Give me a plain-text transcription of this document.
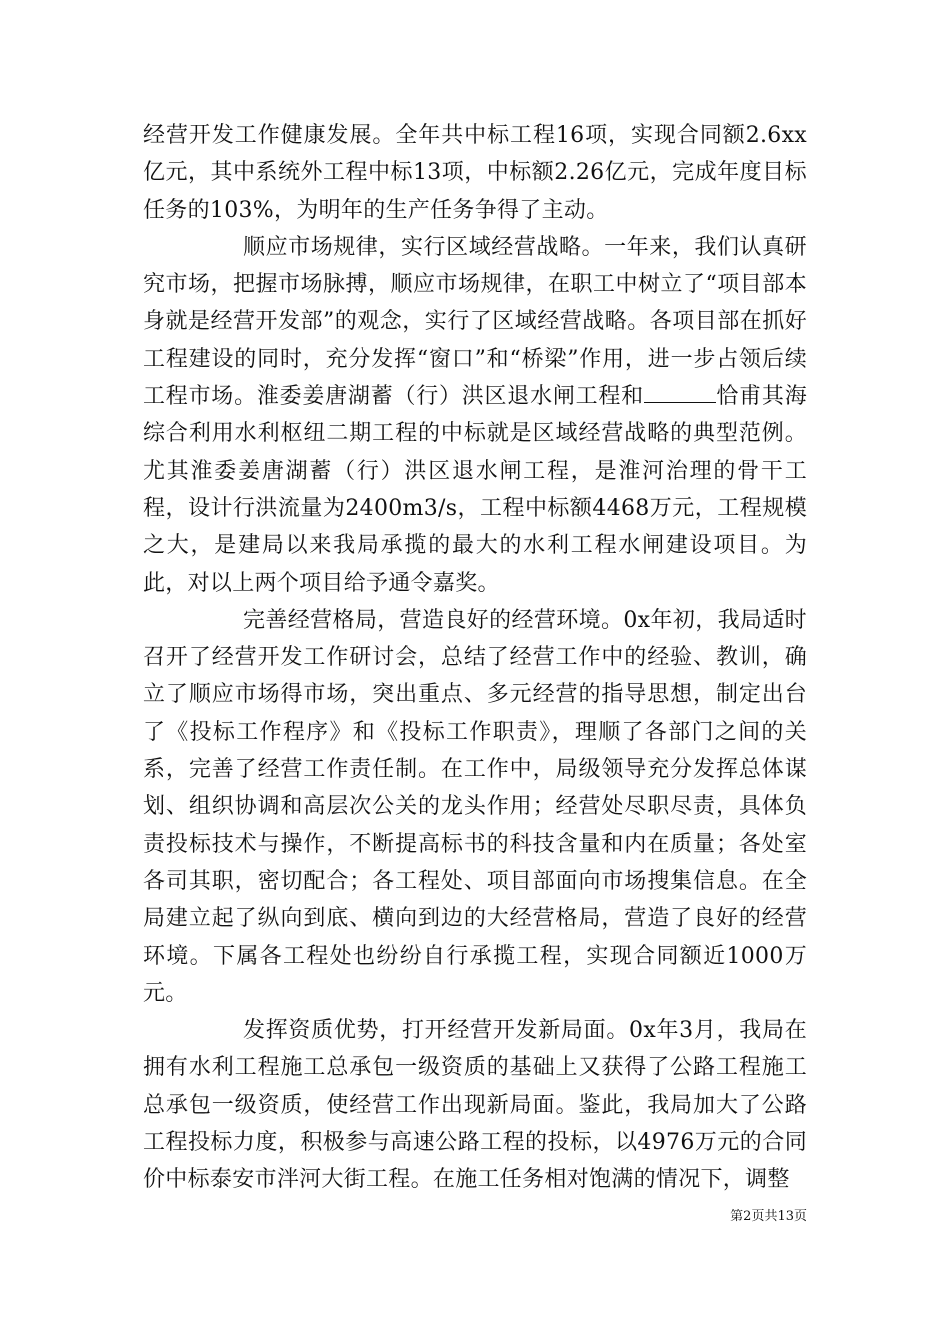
经营开发工作健康发展。全年共中标工程16项，实现合同额2.6xx亿元，其中系统外工程中标13项，中标额2.26亿元，完成年度目标任务的103%，为明年的生产任务争得了主动。

顺应市场规律，实行区域经营战略。一年来，我们认真研究市场，把握市场脉搏，顺应市场规律，在职工中树立了“项目部本身就是经营开发部”的观念，实行了区域经营战略。各项目部在抓好工程建设的同时，充分发挥“窗口”和“桥梁”作用，进一步占领后续工程市场。淮委姜唐湖蓄（行）洪区退水闸工程和	恰甫其海综合利用水利枢纽二期工程的中标就是区域经营战略的典型范例。尤其淮委姜唐湖蓄（行）洪区退水闸工程，是淮河治理的骨干工程，设计行洪流量为2400m3/s，工程中标额4468万元，工程规模之大，是建局以来我局承揽的最大的水利工程水闸建设项目。为此，对以上两个项目给予通令嘉奖。

完善经营格局，营造良好的经营环境。0x年初，我局适时召开了经营开发工作研讨会，总结了经营工作中的经验、教训，确立了顺应市场得市场，突出重点、多元经营的指导思想，制定出台了《投标工作程序》和《投标工作职责》，理顺了各部门之间的关系，完善了经营工作责任制。在工作中，局级领导充分发挥总体谋划、组织协调和高层次公关的龙头作用；经营处尽职尽责，具体负责投标技术与操作，不断提高标书的科技含量和内在质量；各处室各司其职，密切配合；各工程处、项目部面向市场搜集信息。在全局建立起了纵向到底、横向到边的大经营格局，营造了良好的经营环境。下属各工程处也纷纷自行承揽工程，实现合同额近1000万元。

发挥资质优势，打开经营开发新局面。0x年3月，我局在拥有水利工程施工总承包一级资质的基础上又获得了公路工程施工总承包一级资质，使经营工作出现新局面。鉴此，我局加大了公路工程投标力度，积极参与高速公路工程的投标，以4976万元的合同价中标泰安市泮河大街工程。在施工任务相对饱满的情况下，调整

第2页共13页
